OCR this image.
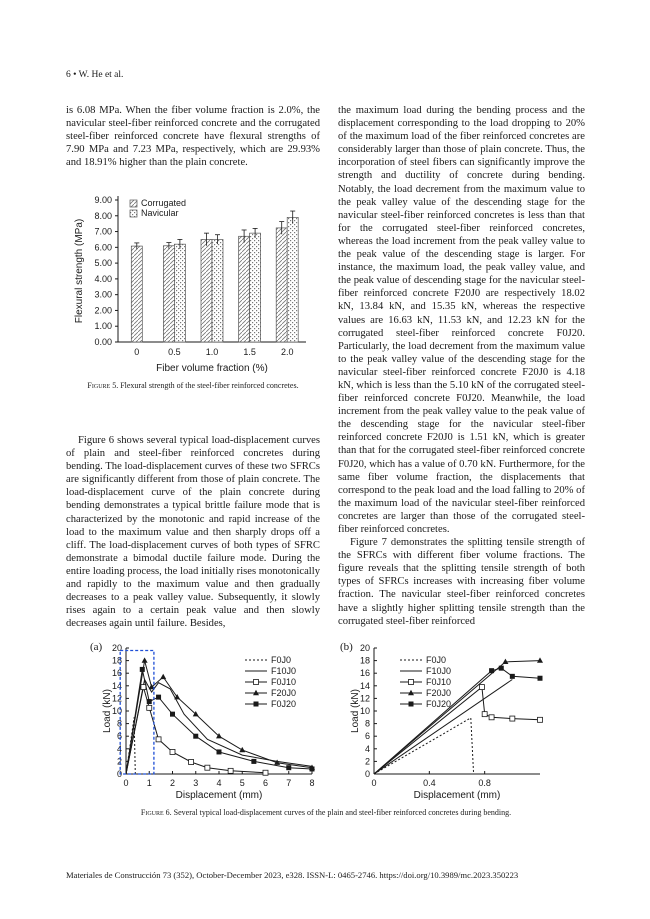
6 • W. He et al.

is 6.08 MPa. When the fiber volume fraction is 2.0%, the navicular steel-fiber reinforced concrete and the corrugated steel-fiber reinforced concrete have flexural strengths of 7.90 MPa and 7.23 MPa, respectively, which are 29.93% and 18.91% higher than the plain concrete.

0.00
1.00
2.00
3.00
4.00
5.00
6.00
7.00
8.00
9.00
0	0.5	1.0	1.5	2.0
Corrugated
Navicular
Fiber volume fraction (%)
Flexural strength (MPa)
Figure 5. Flexural strength of the steel-fiber reinforced concretes.

Figure 6 shows several typical load-displacement curves of plain and steel-fiber reinforced concretes during bending. The load-displacement curves of these two SFRCs are significantly different from those of plain concrete. The load-displacement curve of the plain concrete during bending demonstrates a typical brittle failure mode that is characterized by the monotonic and rapid increase of the load to the maximum value and then sharply drops off a cliff. The load-displacement curves of both types of SFRC demonstrate a bimodal ductile failure mode. During the entire loading process, the load initially rises monotonically and rapidly to the maximum value and then gradually decreases to a peak valley value. Subsequently, it slowly rises again to a certain peak value and then slowly decreases again until failure. Besides,

the maximum load during the bending process and the displacement corresponding to the load dropping to 20% of the maximum load of the fiber reinforced concretes are considerably larger than those of plain concrete. Thus, the incorporation of steel fibers can significantly improve the strength and ductility of concrete during bending. Notably, the load decrement from the maximum value to the peak valley value of the descending stage for the navicular steel-fiber reinforced concretes is less than that for the corrugated steel-fiber reinforced concretes, whereas the load increment from the peak valley value to the peak value of the descending stage is larger. For instance, the maximum load, the peak valley value, and the peak value of descending stage for the navicular steel-fiber reinforced concrete F20J0 are respectively 18.02 kN, 13.84 kN, and 15.35 kN, whereas the respective values are 16.63 kN, 11.53 kN, and 12.23 kN for the corrugated steel-fiber reinforced concrete F0J20. Particularly, the load decrement from the maximum value to the peak valley value of the descending stage for the navicular steel-fiber reinforced concrete F20J0 is 4.18 kN, which is less than the 5.10 kN of the corrugated steel-fiber reinforced concrete F0J20. Meanwhile, the load increment from the peak valley value to the peak value of the descending stage for the navicular steel-fiber reinforced concrete F20J0 is 1.51 kN, which is greater than that for the corrugated steel-fiber reinforced concrete F0J20, which has a value of 0.70 kN. Furthermore, for the same fiber volume fraction, the displacements that correspond to the peak load and the load falling to 20% of the maximum load of the navicular steel-fiber reinforced concretes are larger than those of the corrugated steel-fiber reinforced concretes.

Figure 7 demonstrates the splitting tensile strength of the SFRCs with different fiber volume fractions. The figure reveals that the splitting tensile strength of both types of SFRCs increases with increasing fiber volume fraction. The navicular steel-fiber reinforced concretes have a slightly higher splitting tensile strength than the corrugated steel-fiber reinforced

(a)
0
2
4
6
8
10
12
14
16
18
20
0 1 2 3 4 5 6 7 8
F0J0
F10J0
F0J10
F20J0
F0J20
Displacement (mm)
Load (kN)
(b)
0
2
4
6
8
10
12
14
16
18
20
0	0.4	0.8
F0J0
F10J0
F0J10
F20J0
F0J20
Displacement (mm)
Load (kN)
Figure 6. Several typical load-displacement curves of the plain and steel-fiber reinforced concretes during bending.
Materiales de Construcción 73 (352), October-December 2023, e328. ISSN-L: 0465-2746. https://doi.org/10.3989/mc.2023.350223
